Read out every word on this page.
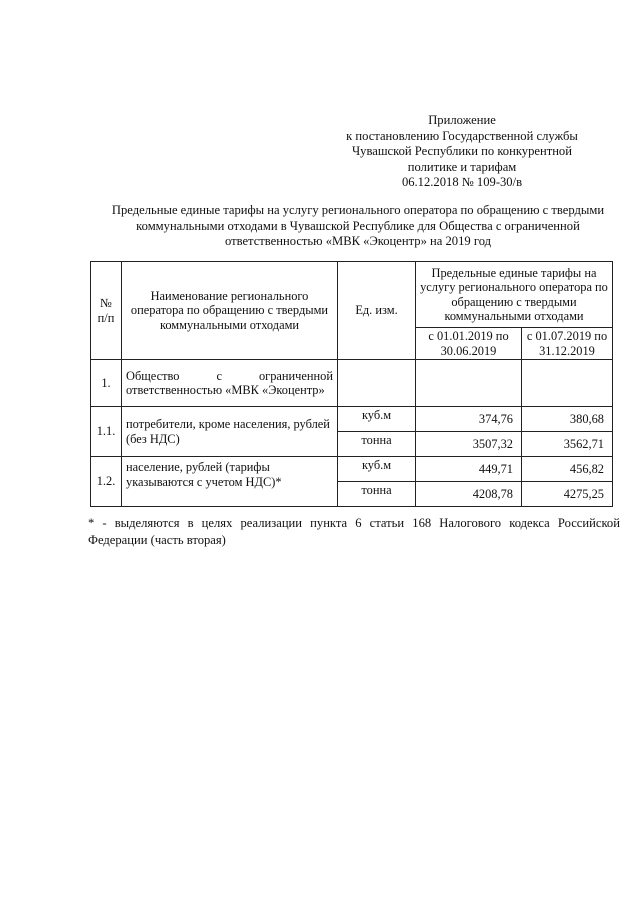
Приложение
к постановлению Государственной службы
Чувашской Республики по конкурентной
политике и тарифам
06.12.2018 № 109-30/в
Предельные единые тарифы на услугу регионального оператора по обращению с твердыми
коммунальными отходами в Чувашской Республике для Общества с ограниченной
ответственностью «МВК «Экоцентр» на 2019 год
№ п/п	Наименование регионального оператора по обращению с твердыми коммунальными отходами	Ед. изм.	Предельные единые тарифы на услугу регионального оператора по обращению с твердыми коммунальными отходами	
			с 01.01.2019 по 30.06.2019	с 01.07.2019 по 31.12.2019
1.	Общество с ограниченной ответственностью «МВК «Экоцентр»			
1.1.	потребители, кроме населения, рублей (без НДС)	куб.м	374,76	380,68
		тонна	3507,32	3562,71
1.2.	население, рублей (тарифы указываются с учетом НДС)*	куб.м	449,71	456,82
		тонна	4208,78	4275,25
* - выделяются в целях реализации пункта 6 статьи 168 Налогового кодекса Российской
Федерации (часть вторая)
